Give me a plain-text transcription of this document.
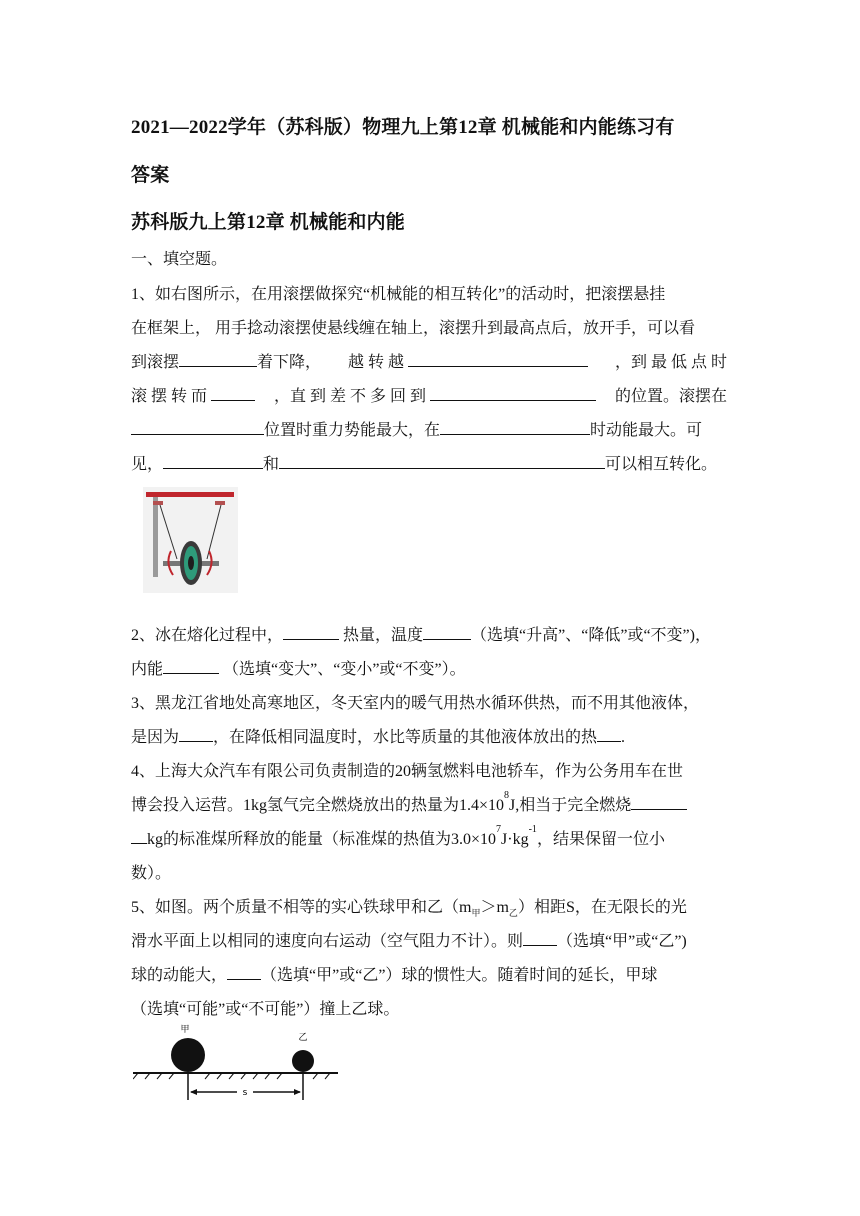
2021—2022学年（苏科版）物理九上第12章 机械能和内能练习有
答案
苏科版九上第12章 机械能和内能
一、填空题。
1、如右图所示，在用滚摆做探究“机械能的相互转化”的活动时，把滚摆悬挂
在框架上， 用手捻动滚摆使悬线缠在轴上，滚摆升到最高点后，放开手，可以看
到滚摆	着下降， 越 转 越	，到 最 低 点 时
滚 摆 转 而	，直 到 差 不 多 回 到	的位置。滚摆在
位置时重力势能最大，在	时动能最大。可
见，	和	可以相互转化。
2、冰在熔化过程中，	热量，温度	（选填“升高”、“降低”或“不变”)，
内能	（选填“变大”、“变小”或“不变”）。
3、黑龙江省地处高寒地区，冬天室内的暖气用热水循环供热，而不用其他液体，
是因为 ，在降低相同温度时，水比等质量的其他液体放出的热 .
4、上海大众汽车有限公司负责制造的20辆氢燃料电池轿车，作为公务用车在世
博会投入运营。1kg氢气完全燃烧放出的热量为$1.4\times 10^8J$,相当于完全燃烧
kg的标准煤所释放的能量（标准煤的热值为$3.0\times 10^7J\cdot kg^{-1}$，结果保留一位小
数）。
5、如图。两个质量不相等的实心铁球甲和乙$(m_甲>m_乙)$相距S，在无限长的光
滑水平面上以相同的速度向右运动（空气阻力不计）。则 （选填“甲”或“乙”)
球的动能大， （选填“甲”或“乙”）球的惯性大。随着时间的延长，甲球
（选填“可能”或“不可能”）撞上乙球。
甲
乙
s
